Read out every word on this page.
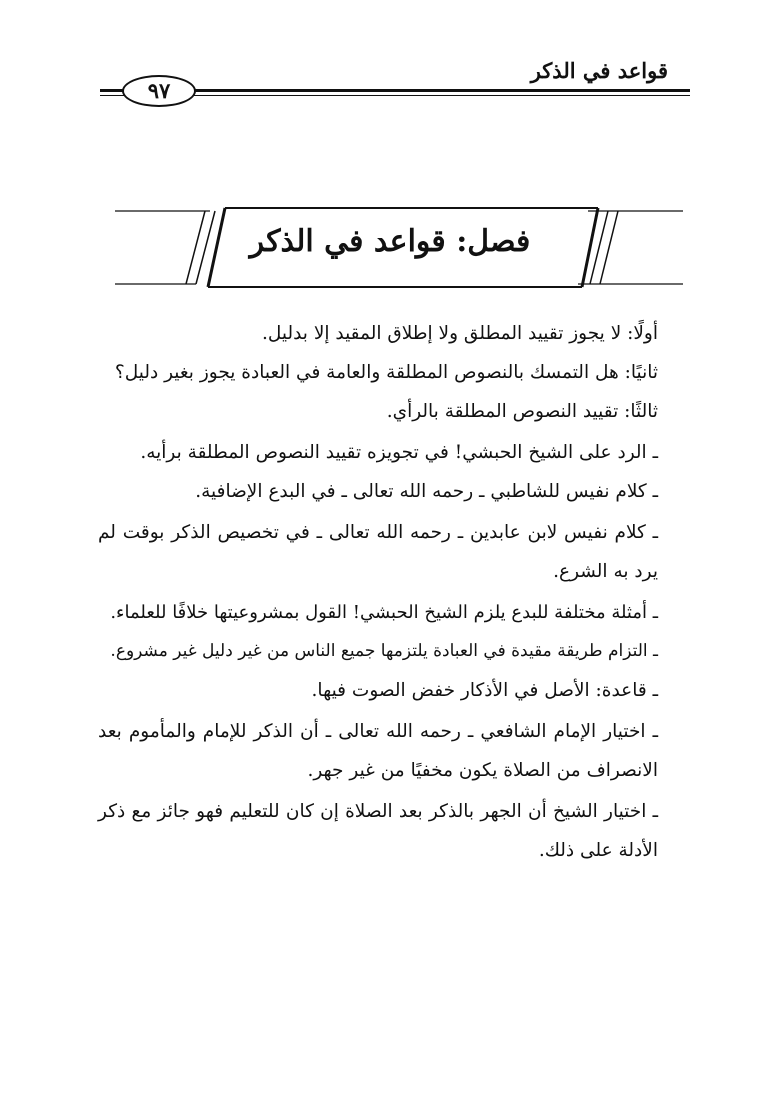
قواعد في الذكر
٩٧
فصل: قواعد في الذكر

أولًا: لا يجوز تقييد المطلق ولا إطلاق المقيد إلا بدليل.

ثانيًا: هل التمسك بالنصوص المطلقة والعامة في العبادة يجوز بغير دليل؟

ثالثًا: تقييد النصوص المطلقة بالرأي.

ـ الرد على الشيخ الحبشي! في تجويزه تقييد النصوص المطلقة برأيه.

ـ كلام نفيس للشاطبي ـ رحمه الله تعالى ـ في البدع الإضافية.

ـ كلام نفيس لابن عابدين ـ رحمه الله تعالى ـ في تخصيص الذكر بوقت لم يرد به الشرع.

ـ أمثلة مختلفة للبدع يلزم الشيخ الحبشي! القول بمشروعيتها خلافًا للعلماء.

ـ التزام طريقة مقيدة في العبادة يلتزمها جميع الناس من غير دليل غير مشروع.

ـ قاعدة: الأصل في الأذكار خفض الصوت فيها.

ـ اختيار الإمام الشافعي ـ رحمه الله تعالى ـ أن الذكر للإمام والمأموم بعد الانصراف من الصلاة يكون مخفيًا من غير جهر.

ـ اختيار الشيخ أن الجهر بالذكر بعد الصلاة إن كان للتعليم فهو جائز مع ذكر الأدلة على ذلك.
